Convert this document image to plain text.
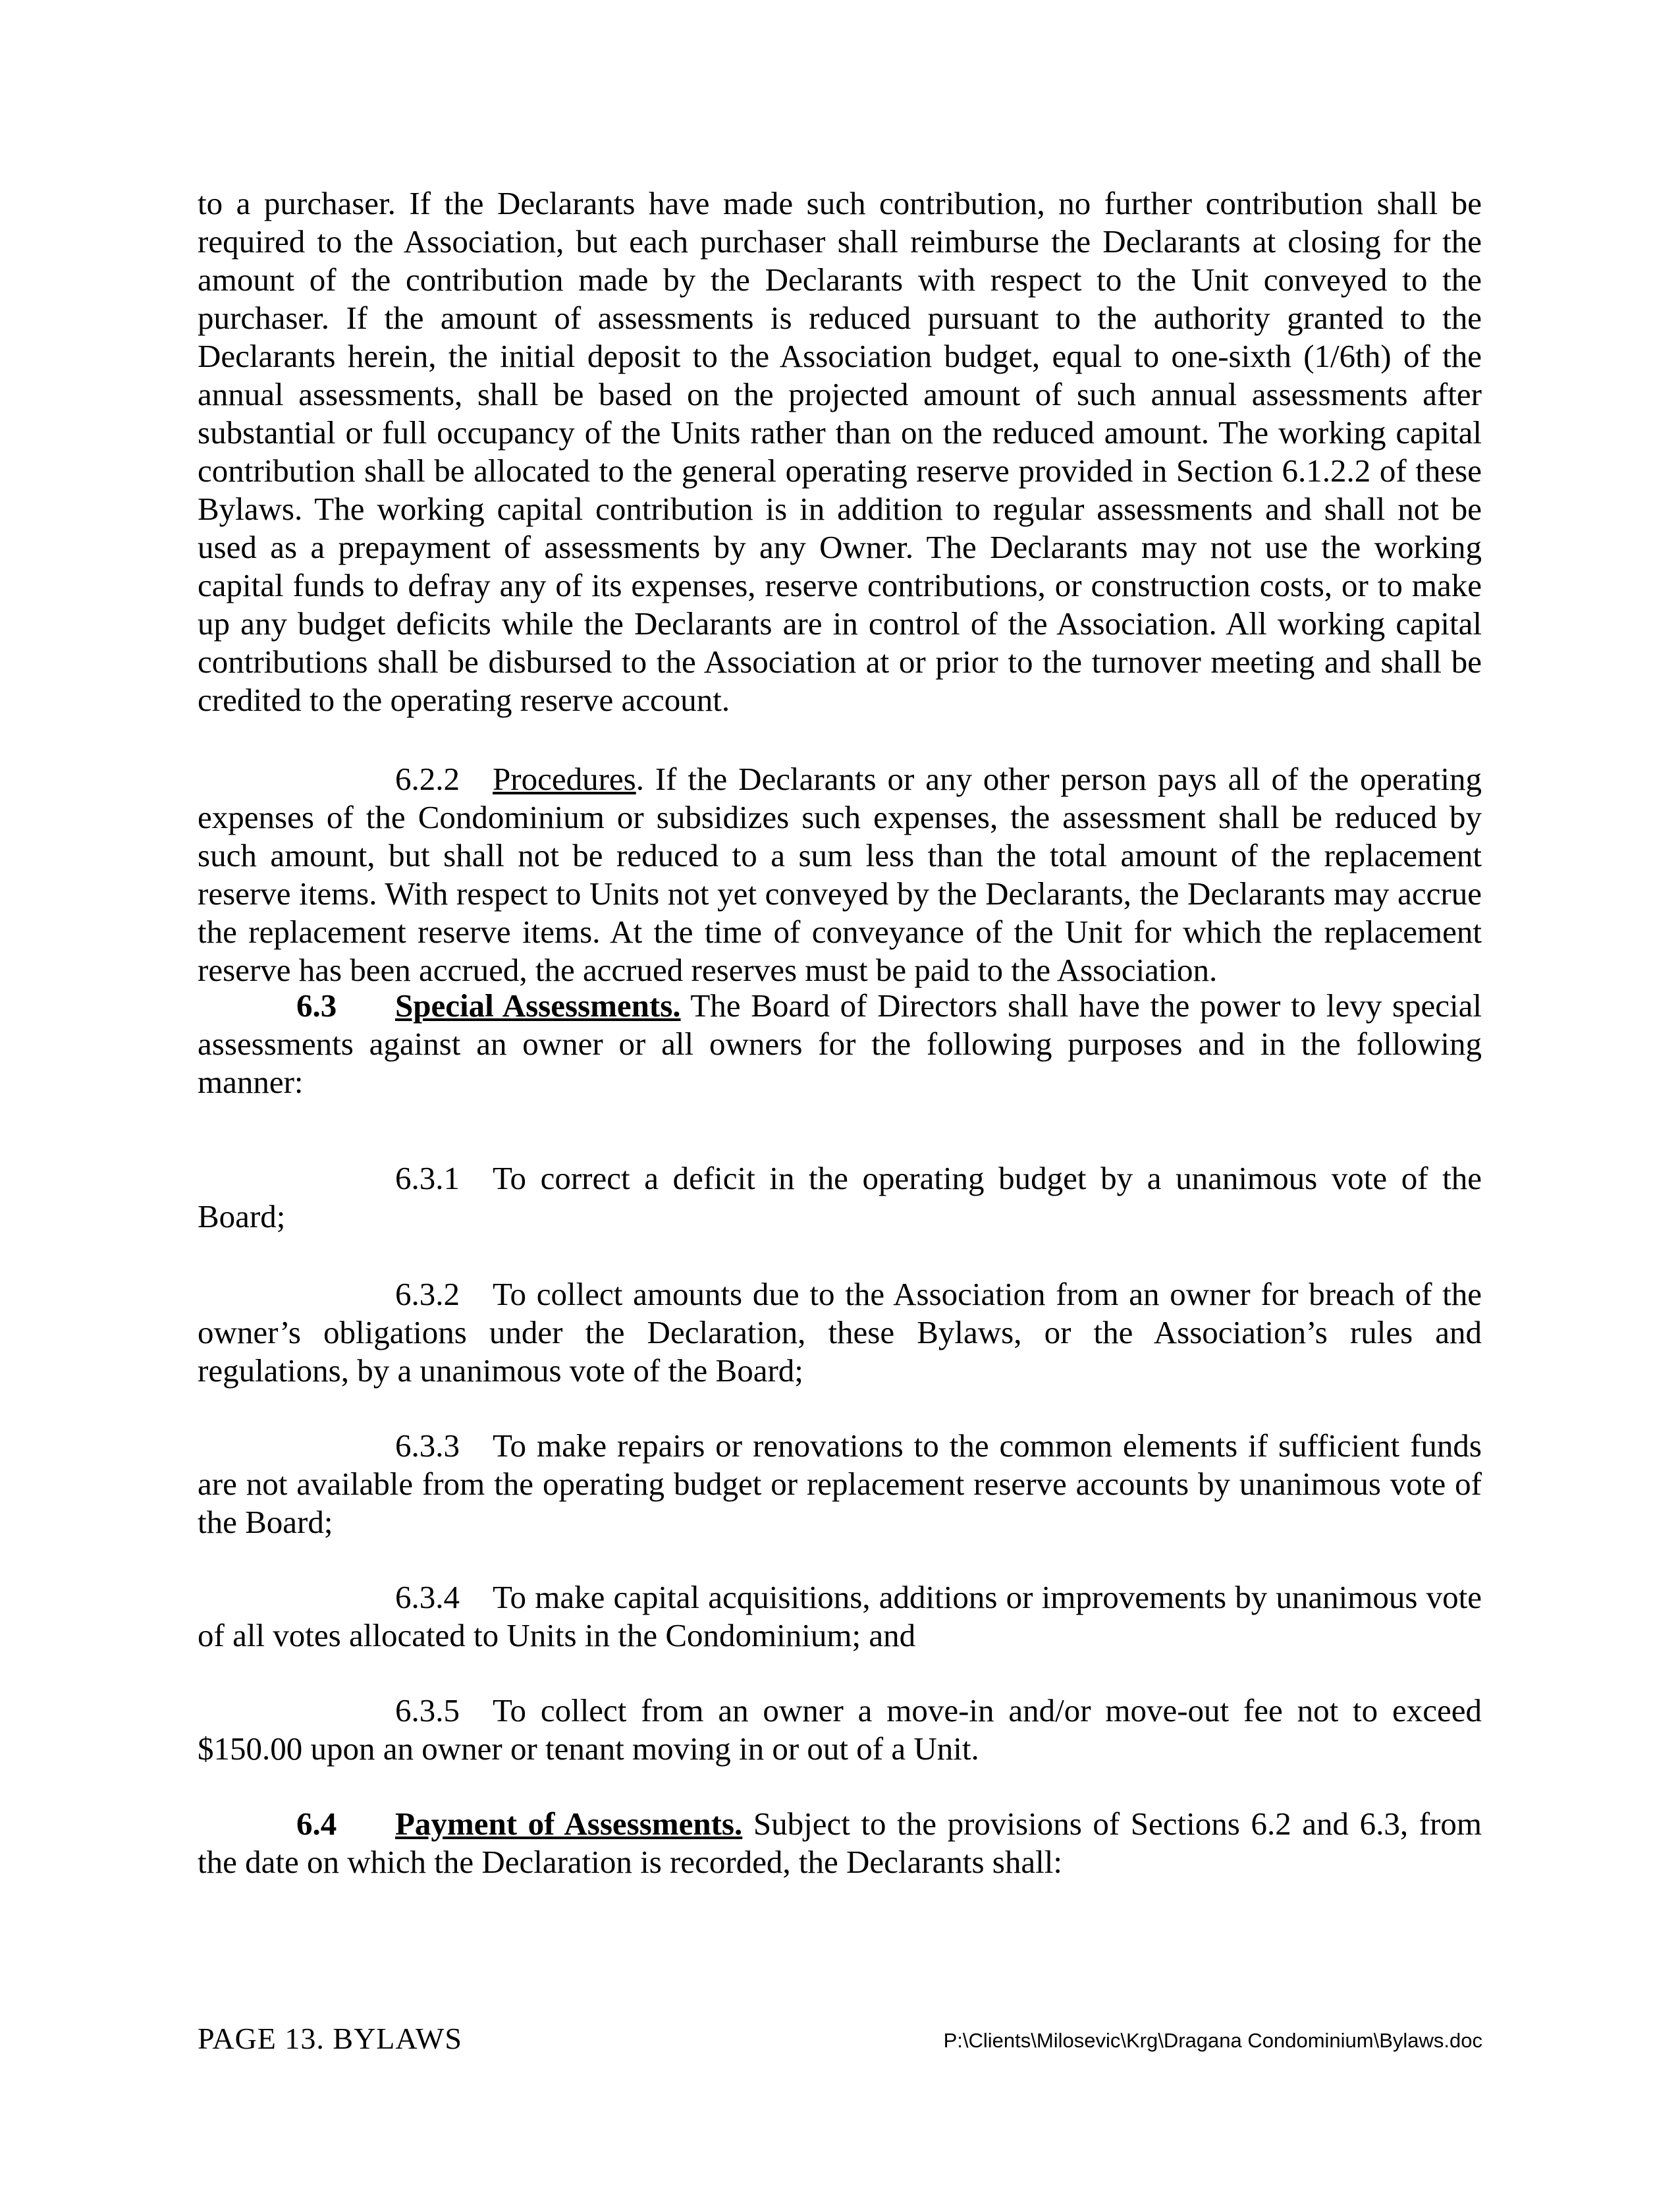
to a purchaser. If the Declarants have made such contribution, no further contribution shall be required to the Association, but each purchaser shall reimburse the Declarants at closing for the amount of the contribution made by the Declarants with respect to the Unit conveyed to the purchaser. If the amount of assessments is reduced pursuant to the authority granted to the Declarants herein, the initial deposit to the Association budget, equal to one-sixth (1/6th) of the annual assessments, shall be based on the projected amount of such annual assessments after substantial or full occupancy of the Units rather than on the reduced amount. The working capital contribution shall be allocated to the general operating reserve provided in Section 6.1.2.2 of these Bylaws. The working capital contribution is in addition to regular assessments and shall not be used as a prepayment of assessments by any Owner. The Declarants may not use the working capital funds to defray any of its expenses, reserve contributions, or construction costs, or to make up any budget deficits while the Declarants are in control of the Association. All working capital contributions shall be disbursed to the Association at or prior to the turnover meeting and shall be credited to the operating reserve account.

6.2.2 Procedures. If the Declarants or any other person pays all of the operating expenses of the Condominium or subsidizes such expenses, the assessment shall be reduced by such amount, but shall not be reduced to a sum less than the total amount of the replacement reserve items. With respect to Units not yet conveyed by the Declarants, the Declarants may accrue the replacement reserve items. At the time of conveyance of the Unit for which the replacement reserve has been accrued, the accrued reserves must be paid to the Association.

6.3 Special Assessments. The Board of Directors shall have the power to levy special assessments against an owner or all owners for the following purposes and in the following manner:

6.3.1 To correct a deficit in the operating budget by a unanimous vote of the Board;

6.3.2 To collect amounts due to the Association from an owner for breach of the owner’s obligations under the Declaration, these Bylaws, or the Association’s rules and regulations, by a unanimous vote of the Board;

6.3.3 To make repairs or renovations to the common elements if sufficient funds are not available from the operating budget or replacement reserve accounts by unanimous vote of the Board;

6.3.4 To make capital acquisitions, additions or improvements by unanimous vote of all votes allocated to Units in the Condominium; and

6.3.5 To collect from an owner a move-in and/or move-out fee not to exceed $150.00 upon an owner or tenant moving in or out of a Unit.

6.4 Payment of Assessments. Subject to the provisions of Sections 6.2 and 6.3, from the date on which the Declaration is recorded, the Declarants shall:

PAGE 13. BYLAWS	P:\Clients\Milosevic\Krg\Dragana Condominium\Bylaws.doc
